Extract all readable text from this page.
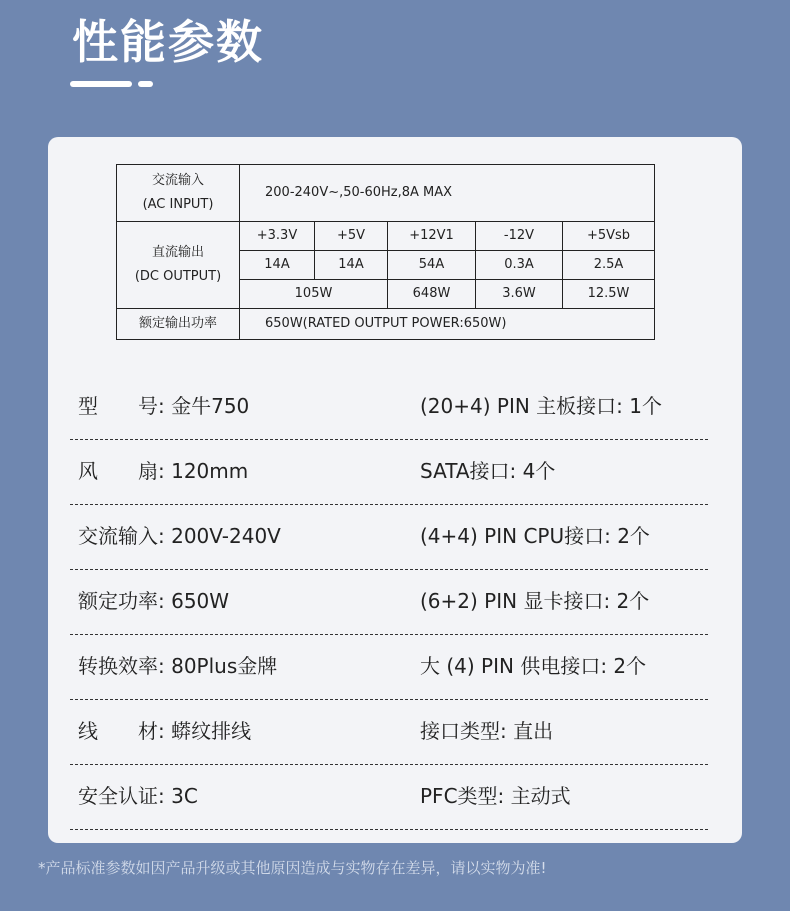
性能参数
交流输入
(AC INPUT)	200-240V~,50-60Hz,8A MAX				

直流输出
(DC OUTPUT)	+3.3V	+5V	+12V1	-12V	+5Vsb
	14A	14A	54A	0.3A	2.5A
	105W		648W	3.6W	12.5W
额定输出功率	650W(RATED OUTPUT POWER:650W)				
型　　号: 金牛750	(20+4) PIN 主板接口: 1个
风　　扇: 120mm	SATA接口: 4个
交流输入: 200V-240V	(4+4) PIN CPU接口: 2个
额定功率: 650W	(6+2) PIN 显卡接口: 2个
转换效率: 80Plus金牌	大 (4) PIN 供电接口: 2个
线　　材: 蟒纹排线	接口类型: 直出
安全认证: 3C	PFC类型: 主动式
*产品标准参数如因产品升级或其他原因造成与实物存在差异，请以实物为准!
